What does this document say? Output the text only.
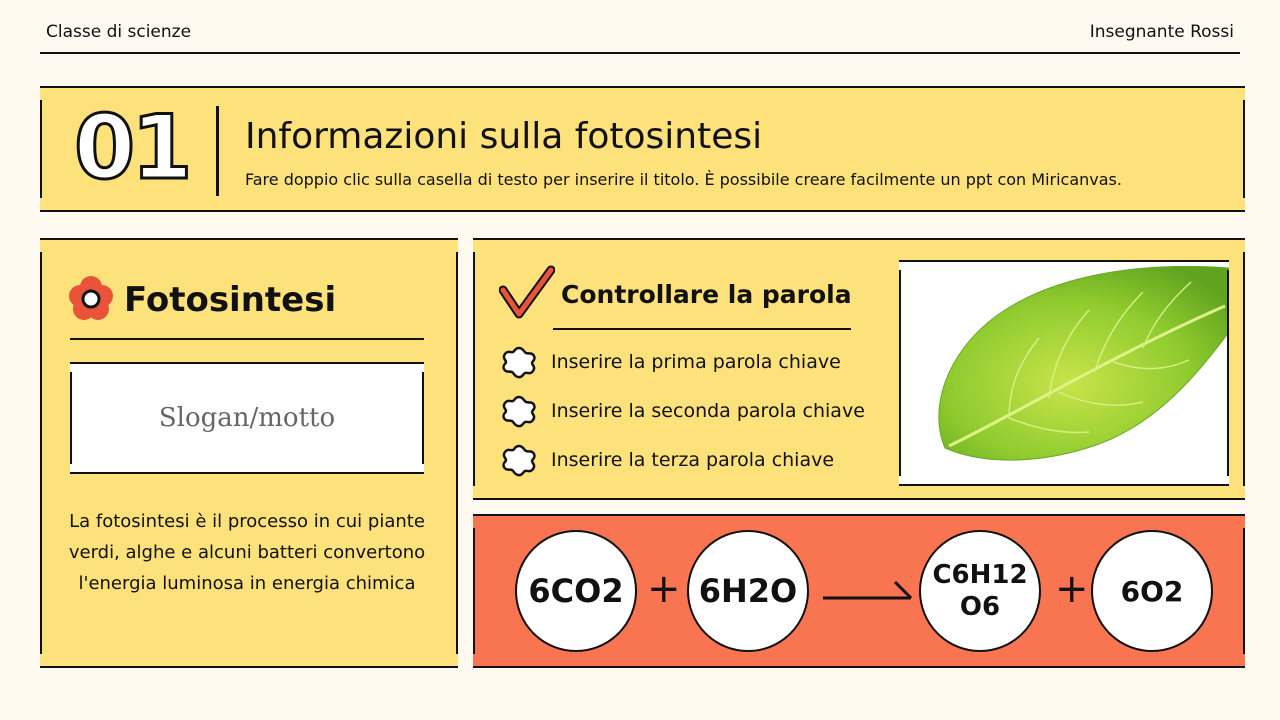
Classe di scienze	Insegnante Rossi
01 Informazioni sulla fotosintesi
Fare doppio clic sulla casella di testo per inserire il titolo. È possibile creare facilmente un ppt con Miricanvas.
Fotosintesi
Slogan/motto
La fotosintesi è il processo in cui piante verdi, alghe e alcuni batteri convertono l'energia luminosa in energia chimica
Controllare la parola
Inserire la prima parola chiave
Inserire la seconda parola chiave
Inserire la terza parola chiave
6CO2 + 6H2O	C6H12
O6	+ 6O2
